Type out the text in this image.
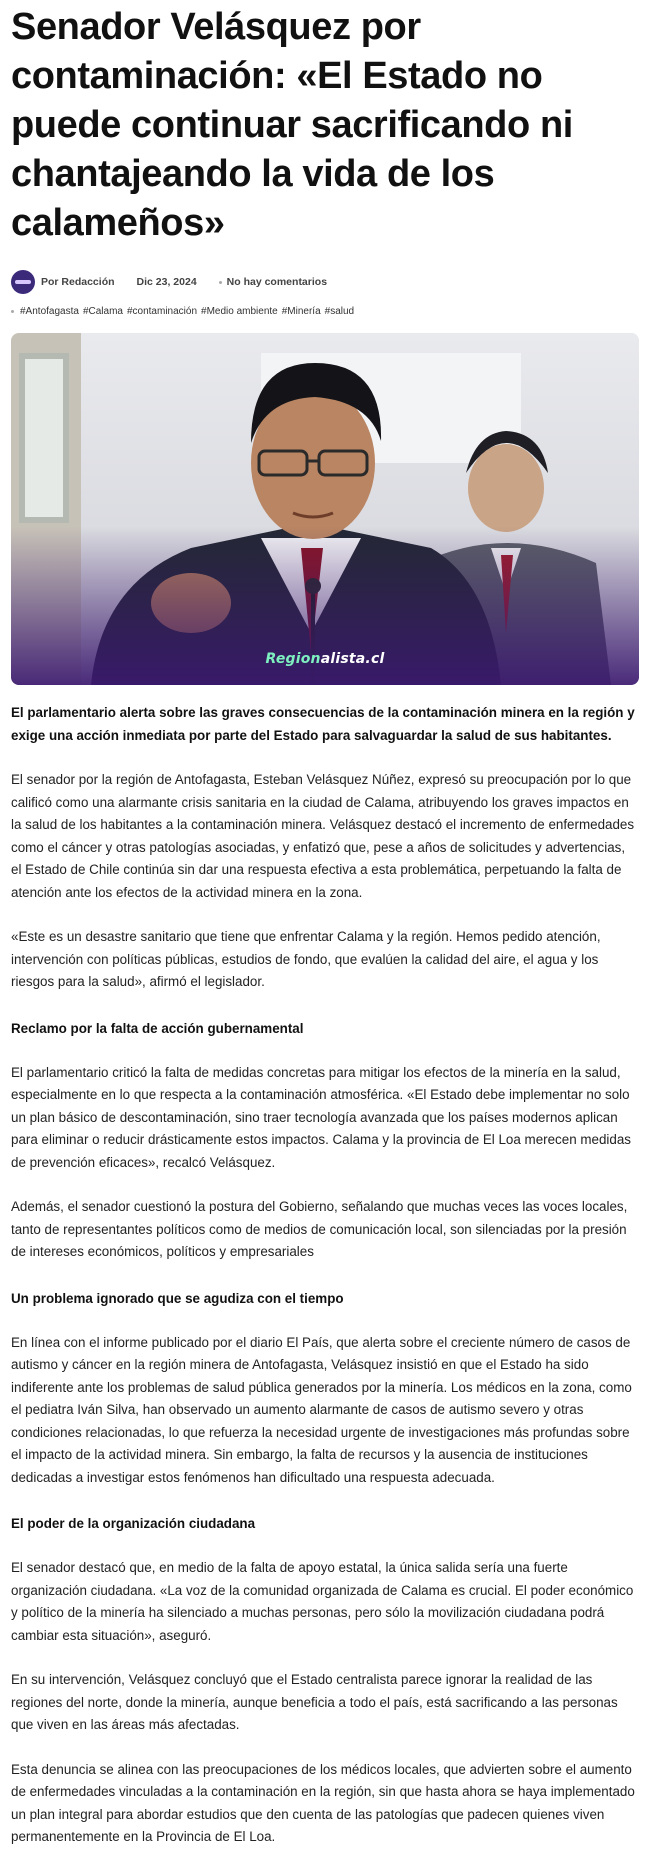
Senador Velásquez por contaminación: «El Estado no puede continuar sacrificando ni chantajeando la vida de los calameños»
Por Redacción Dic 23, 2024	No hay comentarios
#Antofagasta #Calama #contaminación #Medio ambiente #Minería #salud
Regionalista.cl

El parlamentario alerta sobre las graves consecuencias de la contaminación minera en la región y exige una acción inmediata por parte del Estado para salvaguardar la salud de sus habitantes.

El senador por la región de Antofagasta, Esteban Velásquez Núñez, expresó su preocupación por lo que calificó como una alarmante crisis sanitaria en la ciudad de Calama, atribuyendo los graves impactos en la salud de los habitantes a la contaminación minera. Velásquez destacó el incremento de enfermedades como el cáncer y otras patologías asociadas, y enfatizó que, pese a años de solicitudes y advertencias, el Estado de Chile continúa sin dar una respuesta efectiva a esta problemática, perpetuando la falta de atención ante los efectos de la actividad minera en la zona.

«Este es un desastre sanitario que tiene que enfrentar Calama y la región. Hemos pedido atención, intervención con políticas públicas, estudios de fondo, que evalúen la calidad del aire, el agua y los riesgos para la salud», afirmó el legislador.

Reclamo por la falta de acción gubernamental

El parlamentario criticó la falta de medidas concretas para mitigar los efectos de la minería en la salud, especialmente en lo que respecta a la contaminación atmosférica. «El Estado debe implementar no solo un plan básico de descontaminación, sino traer tecnología avanzada que los países modernos aplican para eliminar o reducir drásticamente estos impactos. Calama y la provincia de El Loa merecen medidas de prevención eficaces», recalcó Velásquez.

Además, el senador cuestionó la postura del Gobierno, señalando que muchas veces las voces locales, tanto de representantes políticos como de medios de comunicación local, son silenciadas por la presión de intereses económicos, políticos y empresariales

Un problema ignorado que se agudiza con el tiempo

En línea con el informe publicado por el diario El País, que alerta sobre el creciente número de casos de autismo y cáncer en la región minera de Antofagasta, Velásquez insistió en que el Estado ha sido indiferente ante los problemas de salud pública generados por la minería. Los médicos en la zona, como el pediatra Iván Silva, han observado un aumento alarmante de casos de autismo severo y otras condiciones relacionadas, lo que refuerza la necesidad urgente de investigaciones más profundas sobre el impacto de la actividad minera. Sin embargo, la falta de recursos y la ausencia de instituciones dedicadas a investigar estos fenómenos han dificultado una respuesta adecuada.

El poder de la organización ciudadana

El senador destacó que, en medio de la falta de apoyo estatal, la única salida sería una fuerte organización ciudadana. «La voz de la comunidad organizada de Calama es crucial. El poder económico y político de la minería ha silenciado a muchas personas, pero sólo la movilización ciudadana podrá cambiar esta situación», aseguró.

En su intervención, Velásquez concluyó que el Estado centralista parece ignorar la realidad de las regiones del norte, donde la minería, aunque beneficia a todo el país, está sacrificando a las personas que viven en las áreas más afectadas.

Esta denuncia se alinea con las preocupaciones de los médicos locales, que advierten sobre el aumento de enfermedades vinculadas a la contaminación en la región, sin que hasta ahora se haya implementado un plan integral para abordar estudios que den cuenta de las patologías que padecen quienes viven permanentemente en la Provincia de El Loa.
